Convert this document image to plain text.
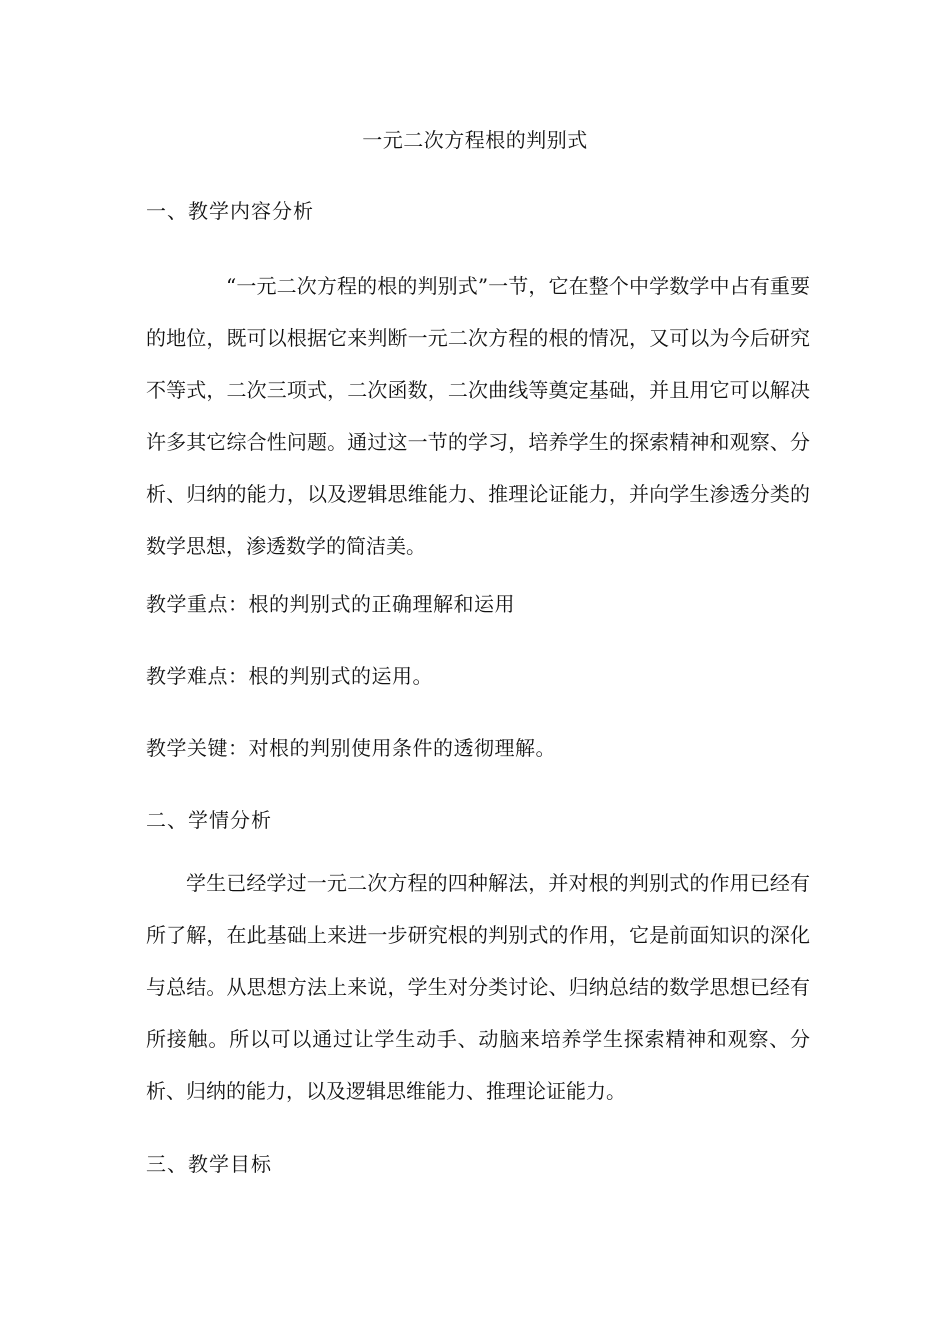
一元二次方程根的判别式
一、教学内容分析

“一元二次方程的根的判别式”一节，它在整个中学数学中占有重要的地位，既可以根据它来判断一元二次方程的根的情况，又可以为今后研究不等式，二次三项式，二次函数，二次曲线等奠定基础，并且用它可以解决许多其它综合性问题。通过这一节的学习，培养学生的探索精神和观察、分析、归纳的能力，以及逻辑思维能力、推理论证能力，并向学生渗透分类的数学思想，渗透数学的简洁美。

教学重点：根的判别式的正确理解和运用
教学难点：根的判别式的运用。
教学关键：对根的判别使用条件的透彻理解。
二、学情分析

学生已经学过一元二次方程的四种解法，并对根的判别式的作用已经有所了解，在此基础上来进一步研究根的判别式的作用，它是前面知识的深化与总结。从思想方法上来说，学生对分类讨论、归纳总结的数学思想已经有所接触。所以可以通过让学生动手、动脑来培养学生探索精神和观察、分析、归纳的能力，以及逻辑思维能力、推理论证能力。

三、教学目标
